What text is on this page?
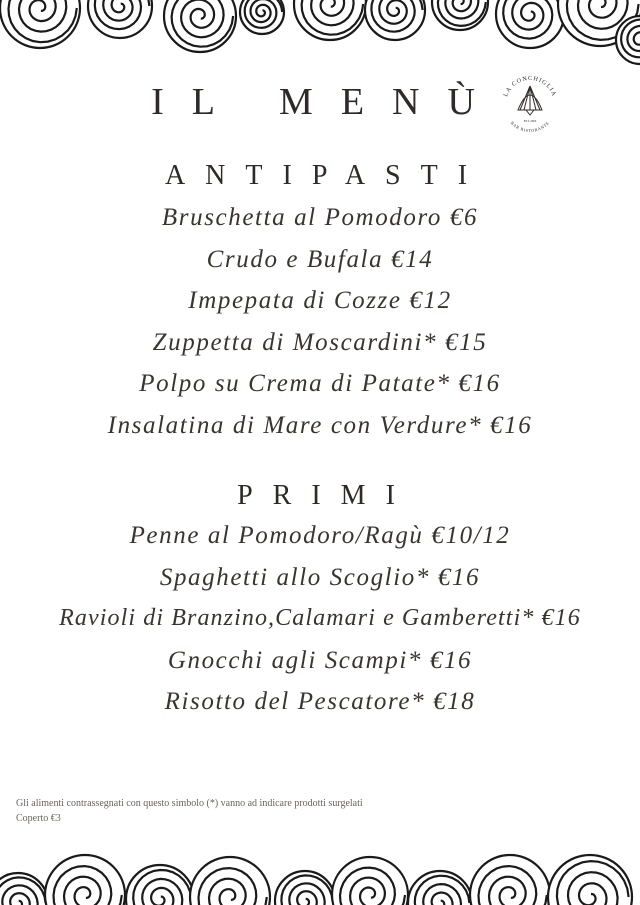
IL MENÙ LA CONCHIGLIA
EST. 2000
BAR RISTORANTE
ANTIPASTI
Bruschetta al Pomodoro €6
Crudo e Bufala €14
Impepata di Cozze €12
Zuppetta di Moscardini* €15
Polpo su Crema di Patate* €16
Insalatina di Mare con Verdure* €16
PRIMI
Penne al Pomodoro/Ragù €10/12
Spaghetti allo Scoglio* €16
Ravioli di Branzino,Calamari e Gamberetti* €16
Gnocchi agli Scampi* €16
Risotto del Pescatore* €18
Gli alimenti contrassegnati con questo simbolo (*) vanno ad indicare prodotti surgelati
Coperto €3
